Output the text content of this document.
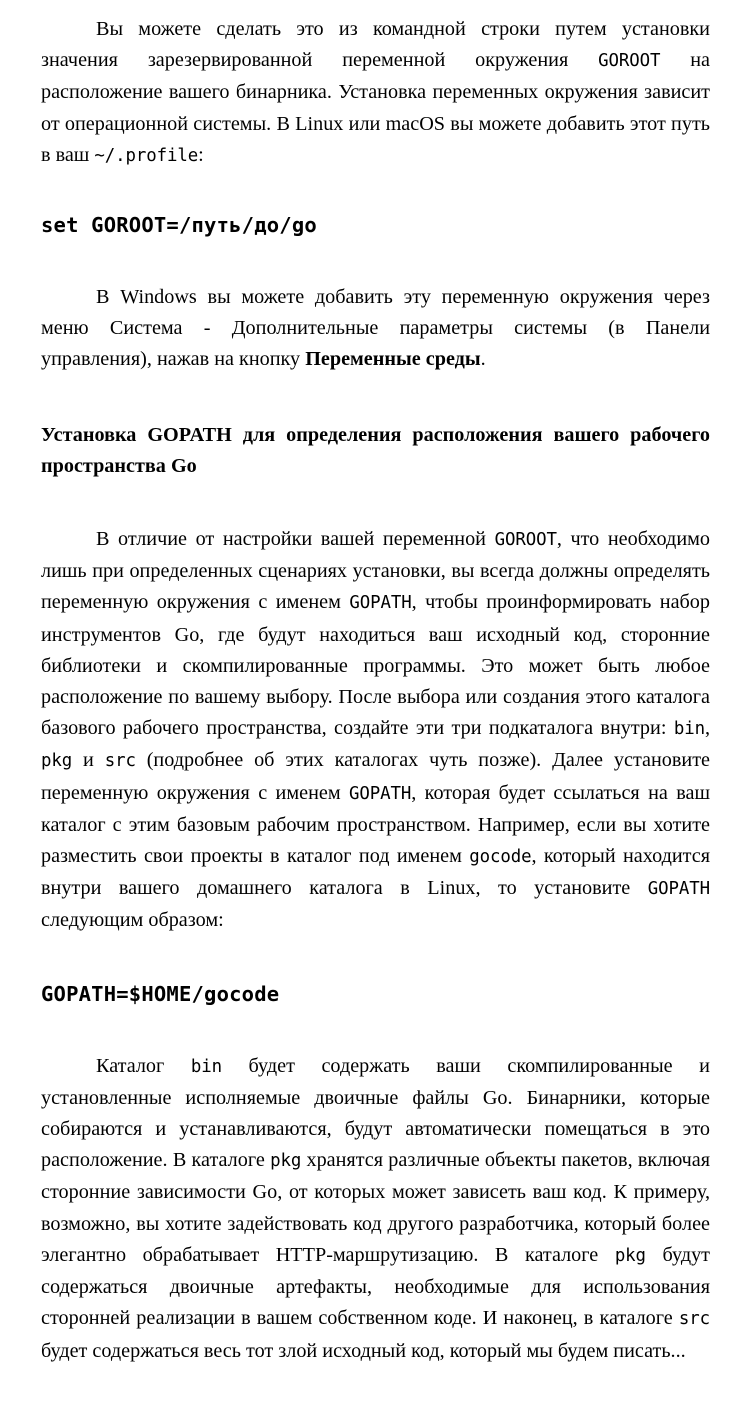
Вы можете сделать это из командной строки путем установки значения зарезервированной переменной окружения GOROOT на расположение вашего бинарника. Установка переменных окружения зависит от операционной системы. В Linux или macOS вы можете добавить этот путь в ваш ~/.profile:

set GOROOT=/путь/до/go

В Windows вы можете добавить эту переменную окружения через меню Система - Дополнительные параметры системы (в Панели управления), нажав на кнопку Переменные среды.

Установка GOPATH для определения расположения вашего рабочего пространства Go

В отличие от настройки вашей переменной GOROOT, что необходимо лишь при определенных сценариях установки, вы всегда должны определять переменную окружения с именем GOPATH, чтобы проинформировать набор инструментов Go, где будут находиться ваш исходный код, сторонние библиотеки и скомпилированные программы. Это может быть любое расположение по вашему выбору. После выбора или создания этого каталога базового рабочего пространства, создайте эти три подкаталога внутри: bin, pkg и src (подробнее об этих каталогах чуть позже). Далее установите переменную окружения с именем GOPATH, которая будет ссылаться на ваш каталог с этим базовым рабочим пространством. Например, если вы хотите разместить свои проекты в каталог под именем gocode, который находится внутри вашего домашнего каталога в Linux, то установите GOPATH следующим образом:

GOPATH=$HOME/gocode

Каталог bin будет содержать ваши скомпилированные и установленные исполняемые двоичные файлы Go. Бинарники, которые собираются и устанавливаются, будут автоматически помещаться в это расположение. В каталоге pkg хранятся различные объекты пакетов, включая сторонние зависимости Go, от которых может зависеть ваш код. К примеру, возможно, вы хотите задействовать код другого разработчика, который более элегантно обрабатывает HTTP-маршрутизацию. В каталоге pkg будут содержаться двоичные артефакты, необходимые для использования сторонней реализации в вашем собственном коде. И наконец, в каталоге src будет содержаться весь тот злой исходный код, который мы будем писать...
